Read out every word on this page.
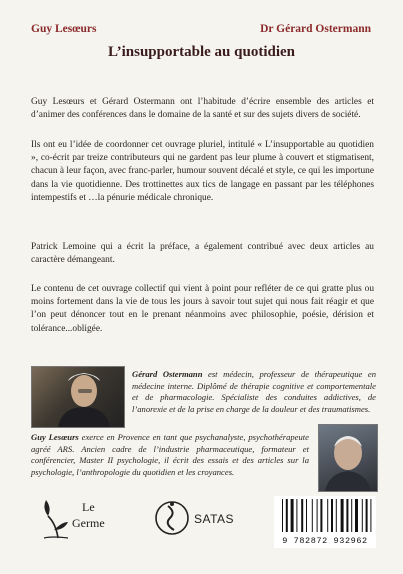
Guy Lesœurs	Dr Gérard Ostermann
L’insupportable au quotidien
Guy Lesœurs et Gérard Ostermann ont l’habitude d’écrire ensemble des articles et d’animer des conférences dans le domaine de la santé et sur des sujets divers de société.
Ils ont eu l’idée de coordonner cet ouvrage pluriel, intitulé « L’insupportable au quotidien », co-écrit par treize contributeurs qui ne gardent pas leur plume à couvert et stigmatisent, chacun à leur façon, avec franc-parler, humour souvent décalé et style, ce qui les importune dans la vie quotidienne. Des trottinettes aux tics de langage en passant par les téléphones intempestifs et …la pénurie médicale chronique.
Patrick Lemoine qui a écrit la préface, a également contribué avec deux articles au caractère démangeant.
Le contenu de cet ouvrage collectif qui vient à point pour refléter de ce qui gratte plus ou moins fortement dans la vie de tous les jours à savoir tout sujet qui nous fait réagir et que l’on peut dénoncer tout en le prenant néanmoins avec philosophie, poésie, dérision et tolérance...obligée.
Gérard Ostermann est médecin, professeur de thérapeutique en médecine interne. Diplômé de thérapie cognitive et comportementale et de pharmacologie. Spécialiste des conduites addictives, de l’anorexie et de la prise en charge de la douleur et des traumatismes.
Guy Lesœurs exerce en Provence en tant que psychanalyste, psychothérapeute agréé ARS. Ancien cadre de l’industrie pharmaceutique, formateur et conférencier, Master II psychologie, il écrit des essais et des articles sur la psychologie, l’anthropologie du quotidien et les croyances.
Le
Germe	SATAS
9 782872 932962
